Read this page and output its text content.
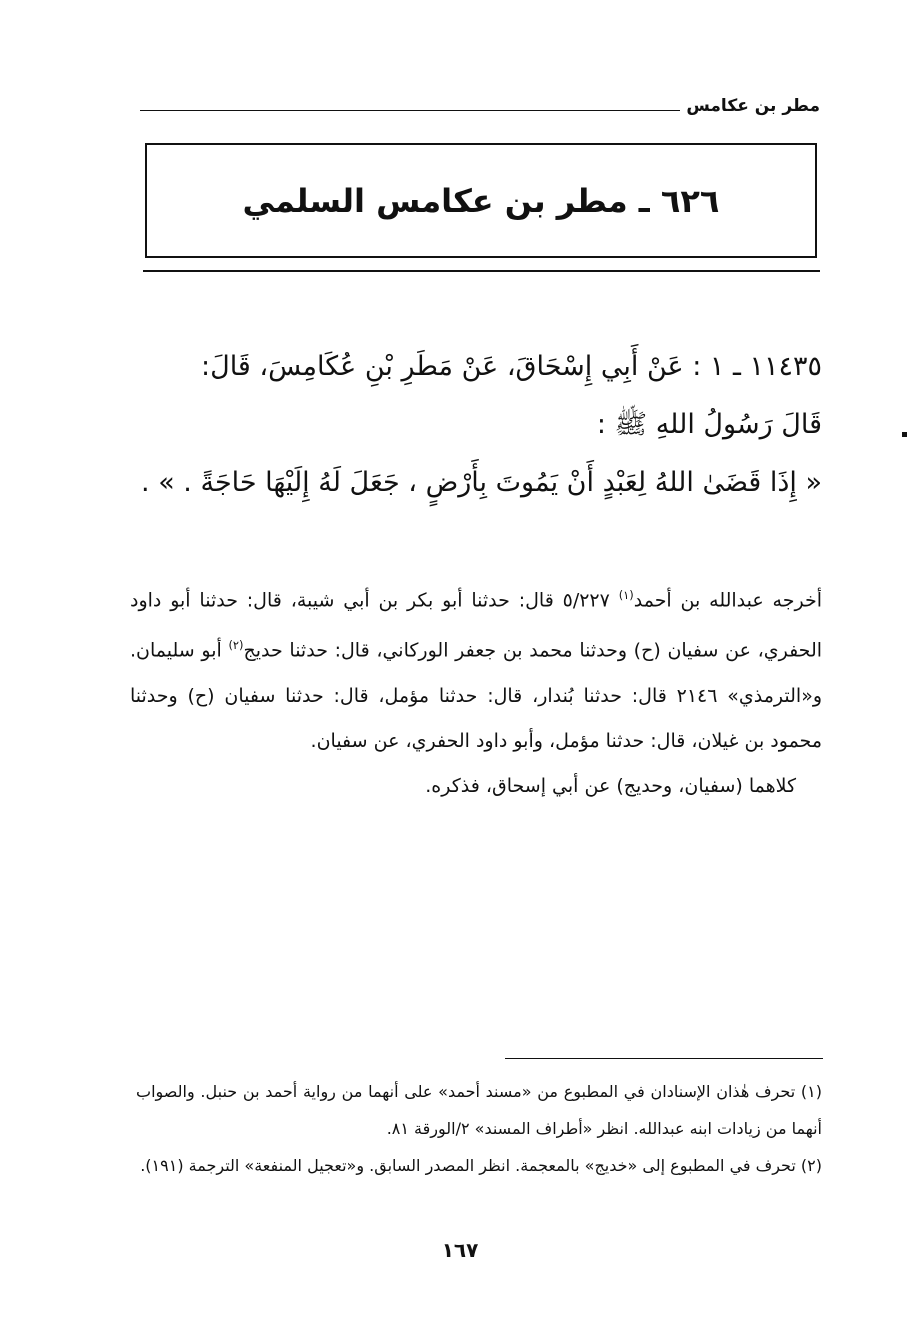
مطر بن عكامس
٦٢٦ ـ مطر بن عكامس السلمي

١١٤٣٥ ـ ١ : عَنْ أَبِي إِسْحَاقَ، عَنْ مَطَرِ بْنِ عُكَامِسَ، قَالَ:

قَالَ رَسُولُ اللهِ ﷺ :

« إِذَا قَضَىٰ اللهُ لِعَبْدٍ أَنْ يَمُوتَ بِأَرْضٍ ، جَعَلَ لَهُ إِلَيْهَا حَاجَةً . » .

أخرجه عبدالله بن أحمد$^{(١)}$ ٥/٢٢٧ قال: حدثنا أبو بكر بن أبي شيبة، قال: حدثنا أبو داود الحفري، عن سفيان (ح) وحدثنا محمد بن جعفر الوركاني، قال: حدثنا حديج$^{(٢)}$ أبو سليمان. و«الترمذي» ٢١٤٦ قال: حدثنا بُندار، قال: حدثنا مؤمل، قال: حدثنا سفيان (ح) وحدثنا محمود بن غيلان، قال: حدثنا مؤمل، وأبو داود الحفري، عن سفيان.

كلاهما (سفيان، وحديج) عن أبي إسحاق، فذكره.

(١) تحرف هٰذان الإسنادان في المطبوع من «مسند أحمد» على أنهما من رواية أحمد بن حنبل. والصواب أنهما من زيادات ابنه عبدالله. انظر «أطراف المسند» ٢/الورقة ٨١.

(٢) تحرف في المطبوع إلى «خديج» بالمعجمة. انظر المصدر السابق. و«تعجيل المنفعة» الترجمة (١٩١).

١٦٧
